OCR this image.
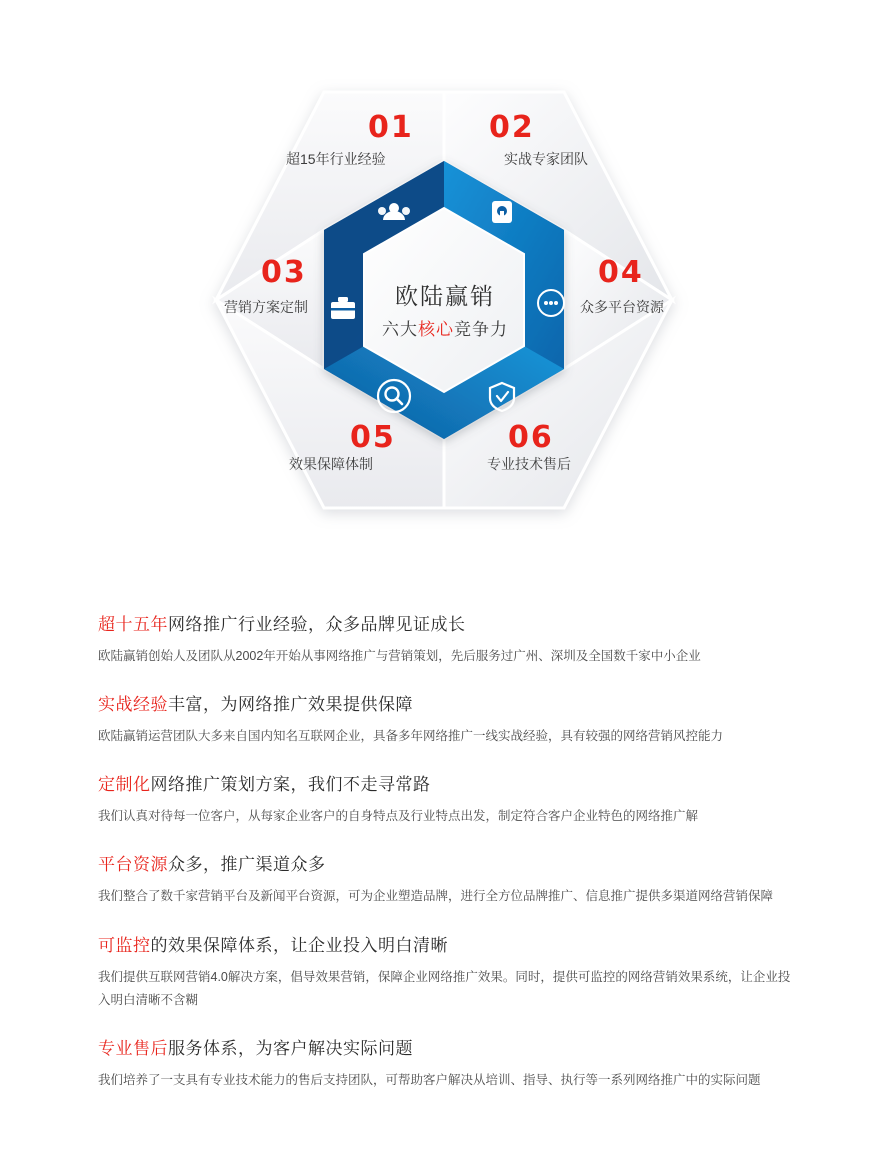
01
超15年行业经验
02
实战专家团队
03
营销方案定制
04
众多平台资源
05
效果保障体制
06
专业技术售后
欧陆赢销
六大核心竞争力
超十五年网络推广行业经验，众多品牌见证成长

欧陆赢销创始人及团队从2002年开始从事网络推广与营销策划，先后服务过广州、深圳及全国数千家中小企业

实战经验丰富，为网络推广效果提供保障

欧陆赢销运营团队大多来自国内知名互联网企业，具备多年网络推广一线实战经验，具有较强的网络营销风控能力

定制化网络推广策划方案，我们不走寻常路

我们认真对待每一位客户，从每家企业客户的自身特点及行业特点出发，制定符合客户企业特色的网络推广解

平台资源众多，推广渠道众多

我们整合了数千家营销平台及新闻平台资源，可为企业塑造品牌，进行全方位品牌推广、信息推广提供多渠道网络营销保障

可监控的效果保障体系，让企业投入明白清晰

我们提供互联网营销4.0解决方案，倡导效果营销，保障企业网络推广效果。同时，提供可监控的网络营销效果系统，让企业投入明白清晰不含糊

专业售后服务体系，为客户解决实际问题

我们培养了一支具有专业技术能力的售后支持团队，可帮助客户解决从培训、指导、执行等一系列网络推广中的实际问题
